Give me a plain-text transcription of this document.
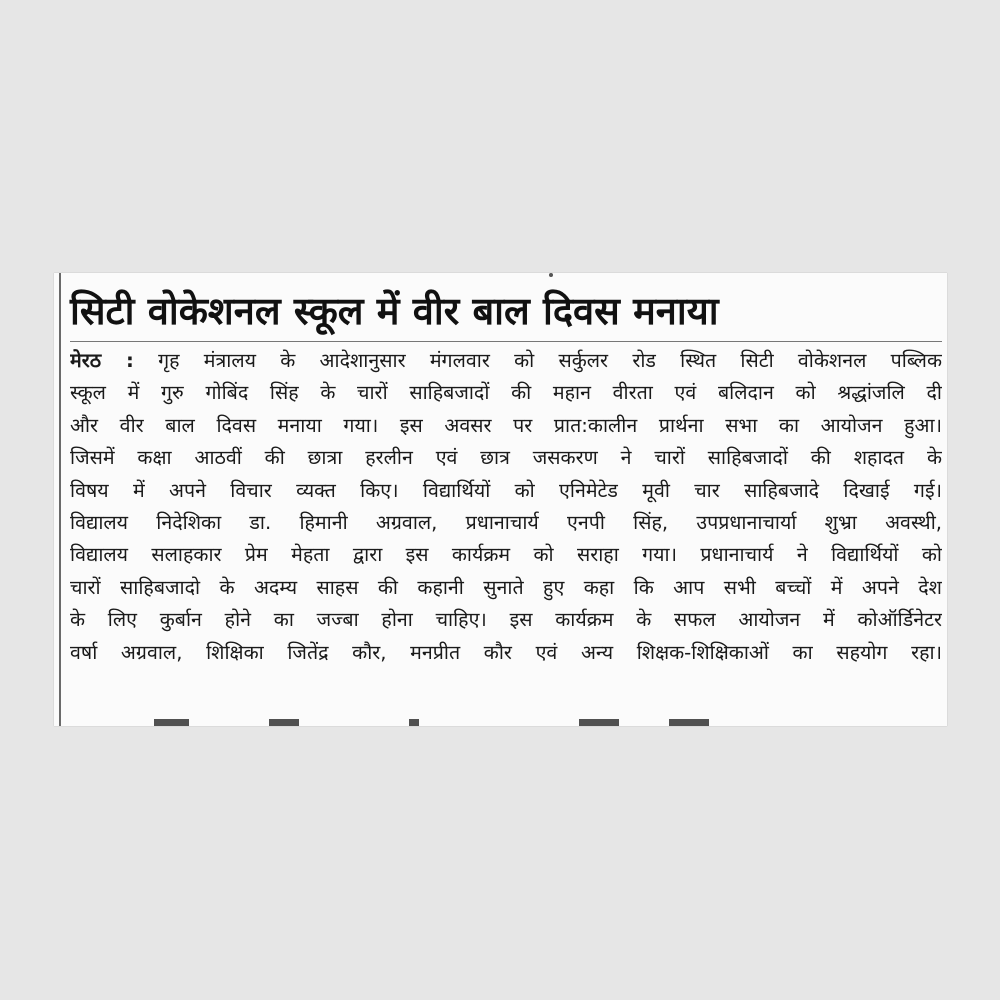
सिटी वोकेशनल स्कूल में वीर बाल दिवस मनाया
मेरठ : गृह मंत्रालय के आदेशानुसार मंगलवार को सर्कुलर रोड स्थित सिटी वोकेशनल पब्लिक
स्कूल में गुरु गोबिंद सिंह के चारों साहिबजादों की महान वीरता एवं बलिदान को श्रद्धांजलि दी
और वीर बाल दिवस मनाया गया। इस अवसर पर प्रात:कालीन प्रार्थना सभा का आयोजन हुआ।
जिसमें कक्षा आठवीं की छात्रा हरलीन एवं छात्र जसकरण ने चारों साहिबजादों की शहादत के
विषय में अपने विचार व्यक्त किए। विद्यार्थियों को एनिमेटेड मूवी चार साहिबजादे दिखाई गई।
विद्यालय निदेशिका डा. हिमानी अग्रवाल, प्रधानाचार्य एनपी सिंह, उपप्रधानाचार्या शुभ्रा अवस्थी,
विद्यालय सलाहकार प्रेम मेहता द्वारा इस कार्यक्रम को सराहा गया। प्रधानाचार्य ने विद्यार्थियों को
चारों साहिबजादो के अदम्य साहस की कहानी सुनाते हुए कहा कि आप सभी बच्चों में अपने देश
के लिए कुर्बान होने का जज्बा होना चाहिए। इस कार्यक्रम के सफल आयोजन में कोऑर्डिनेटर
वर्षा अग्रवाल, शिक्षिका जितेंद्र कौर, मनप्रीत कौर एवं अन्य शिक्षक-शिक्षिकाओं का सहयोग रहा।
